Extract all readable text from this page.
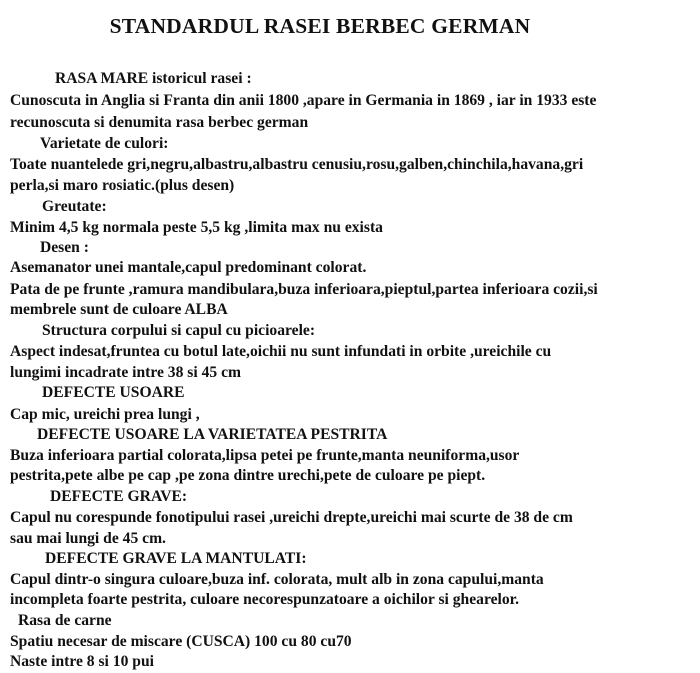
STANDARDUL RASEI BERBEC GERMAN
RASA MARE istoricul rasei :
Cunoscuta in Anglia si Franta din anii 1800 ,apare in Germania in 1869 , iar in 1933 este
recunoscuta si denumita rasa berbec german
Varietate de culori:
Toate nuantelede gri,negru,albastru,albastru cenusiu,rosu,galben,chinchila,havana,gri
perla,si maro rosiatic.(plus desen)
Greutate:
Minim 4,5 kg normala peste 5,5 kg ,limita max nu exista
Desen :
Asemanator unei mantale,capul predominant colorat.
Pata de pe frunte ,ramura mandibulara,buza inferioara,pieptul,partea inferioara cozii,si
membrele sunt de culoare ALBA
Structura corpului si capul cu picioarele:
Aspect indesat,fruntea cu botul late,oichii nu sunt infundati in orbite ,ureichile cu
lungimi incadrate intre 38 si 45 cm
DEFECTE USOARE
Cap mic, ureichi prea lungi ,
DEFECTE USOARE LA VARIETATEA PESTRITA
Buza inferioara partial colorata,lipsa petei pe frunte,manta neuniforma,usor
pestrita,pete albe pe cap ,pe zona dintre urechi,pete de culoare pe piept.
DEFECTE GRAVE:
Capul nu corespunde fonotipului rasei ,ureichi drepte,ureichi mai scurte de 38 de cm
sau mai lungi de 45 cm.
DEFECTE GRAVE LA MANTULATI:
Capul dintr-o singura culoare,buza inf. colorata, mult alb in zona capului,manta
incompleta foarte pestrita, culoare necorespunzatoare a oichilor si ghearelor.
Rasa de carne
Spatiu necesar de miscare (CUSCA) 100 cu 80 cu70
Naste intre 8 si 10 pui
